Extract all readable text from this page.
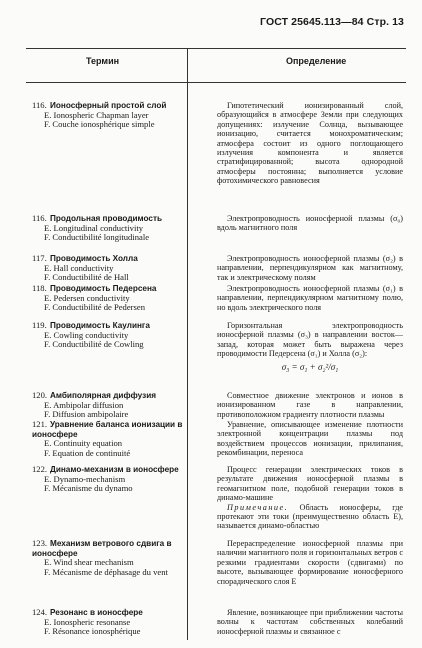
ГОСТ 25645.113—84 Стр. 13
Термин	Определение
116. Ионосферный простой слой
E. Ionospheric Chapman layer
F. Couche ionosphérique simple

Гипотетический ионизированный слой, образующийся в атмосфере Земли при следующих допущениях: излучение Солнца, вызывающее ионизацию, считается монохроматическим; атмосфера состоит из одного поглощающего излучения компонента и является стратифицированной; высота однородной атмосферы постоянна; выполняется условие фотохимического равновесия

116. Продольная проводимость
E. Longitudinal conductivity
F. Conductibilité longitudinale

Электропроводность ионосферной плазмы (σ₀) вдоль магнитного поля

117. Проводимость Холла
E. Hall conductivity
F. Conductibilité de Hall

Электропроводность ионосферной плазмы (σ₂) в направлении, перпендикулярном как магнитному, так и электрическому полям

118. Проводимость Педерсена
E. Pedersen conductivity
F. Conductibilité de Pedersen

Электропроводность ионосферной плазмы (σ₁) в направлении, перпендикулярном магнитному полю, но вдоль электрического поля

119. Проводимость Каулинга
E. Cowling conductivity
F. Conductibilité de Cowling

Горизонтальная электропроводность ионосферной плазмы (σ₃) в направлении восток—запад, которая может быть выражена через проводимости Педерсена (σ₁) и Холла (σ₂):

σ₃ = σ₁ + σ₂²/σ₁
120. Амбиполярная диффузия
E. Ambipolar diffusion
F. Diffusion ambipolaire

Совместное движение электронов и ионов в ионизированном газе в направлении, противоположном градиенту плотности плазмы

121. Уравнение баланса ионизации в ионосфере
E. Continuity equation
F. Equation de continuité

Уравнение, описывающее изменение плотности электронной концентрации плазмы под воздействием процессов ионизации, прилипания, рекомбинации, переноса

122. Динамо-механизм в ионосфере
E. Dynamo-mechanism
F. Mécanisme du dynamo

Процесс генерации электрических токов в результате движения ионосферной плазмы в геомагнитном поле, подобной генерации токов в динамо-машине

Примечание. Область ионосферы, где протекают эти токи (преимущественно область E), называется динамо-областью

123. Механизм ветрового сдвига в ионосфере
E. Wind shear mechanism
F. Mécanisme de déphasage du vent

Перераспределение ионосферной плазмы при наличии магнитного поля и горизонтальных ветров с резкими градиентами скорости (сдвигами) по высоте, вызывающее формирование ионосферного спорадического слоя E

124. Резонанс в ионосфере
E. Ionospheric resonanse
F. Résonance ionosphérique

Явление, возникающее при приближении частоты волны к частотам собственных колебаний ионосферной плазмы и связанное с
